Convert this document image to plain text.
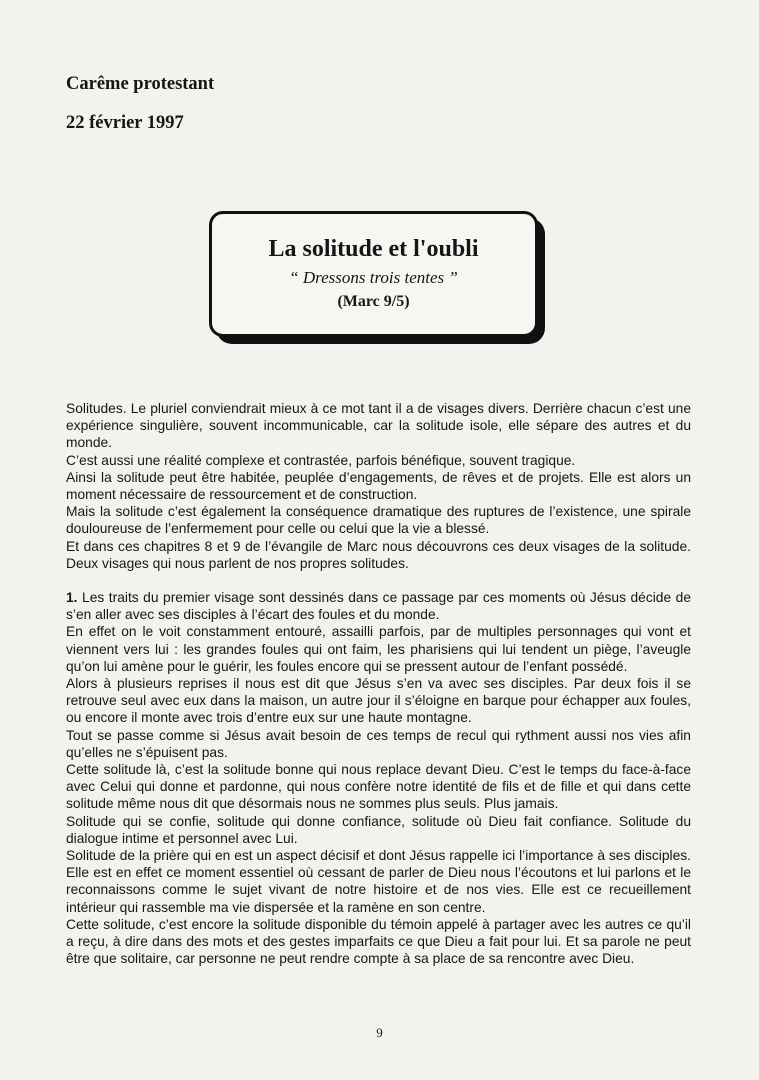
Carême protestant
22 février 1997
La solitude et l'oubli
“ Dressons trois tentes ”
(Marc 9/5)

Solitudes. Le pluriel conviendrait mieux à ce mot tant il a de visages divers. Derrière chacun c’est une expérience singulière, souvent incommunicable, car la solitude isole, elle sépare des autres et du monde.

C’est aussi une réalité complexe et contrastée, parfois bénéfique, souvent tragique.

Ainsi la solitude peut être habitée, peuplée d’engagements, de rêves et de projets. Elle est alors un moment nécessaire de ressourcement et de construction.

Mais la solitude c’est également la conséquence dramatique des ruptures de l’existence, une spirale douloureuse de l’enfermement pour celle ou celui que la vie a blessé.

Et dans ces chapitres 8 et 9 de l’évangile de Marc nous découvrons ces deux visages de la solitude. Deux visages qui nous parlent de nos propres solitudes.

1. Les traits du premier visage sont dessinés dans ce passage par ces moments où Jésus décide de s’en aller avec ses disciples à l’écart des foules et du monde.

En effet on le voit constamment entouré, assailli parfois, par de multiples personnages qui vont et viennent vers lui : les grandes foules qui ont faim, les pharisiens qui lui tendent un piège, l’aveugle qu’on lui amène pour le guérir, les foules encore qui se pressent autour de l’enfant possédé.

Alors à plusieurs reprises il nous est dit que Jésus s’en va avec ses disciples. Par deux fois il se retrouve seul avec eux dans la maison, un autre jour il s’éloigne en barque pour échapper aux foules, ou encore il monte avec trois d’entre eux sur une haute montagne.

Tout se passe comme si Jésus avait besoin de ces temps de recul qui rythment aussi nos vies afin qu’elles ne s’épuisent pas.

Cette solitude là, c’est la solitude bonne qui nous replace devant Dieu. C’est le temps du face-à-face avec Celui qui donne et pardonne, qui nous confère notre identité de fils et de fille et qui dans cette solitude même nous dit que désormais nous ne sommes plus seuls. Plus jamais.

Solitude qui se confie, solitude qui donne confiance, solitude où Dieu fait confiance. Solitude du dialogue intime et personnel avec Lui.

Solitude de la prière qui en est un aspect décisif et dont Jésus rappelle ici l’importance à ses disciples. Elle est en effet ce moment essentiel où cessant de parler de Dieu nous l’écoutons et lui parlons et le reconnaissons comme le sujet vivant de notre histoire et de nos vies. Elle est ce recueillement intérieur qui rassemble ma vie dispersée et la ramène en son centre.

Cette solitude, c’est encore la solitude disponible du témoin appelé à partager avec les autres ce qu’il a reçu, à dire dans des mots et des gestes imparfaits ce que Dieu a fait pour lui. Et sa parole ne peut être que solitaire, car personne ne peut rendre compte à sa place de sa rencontre avec Dieu.

9
